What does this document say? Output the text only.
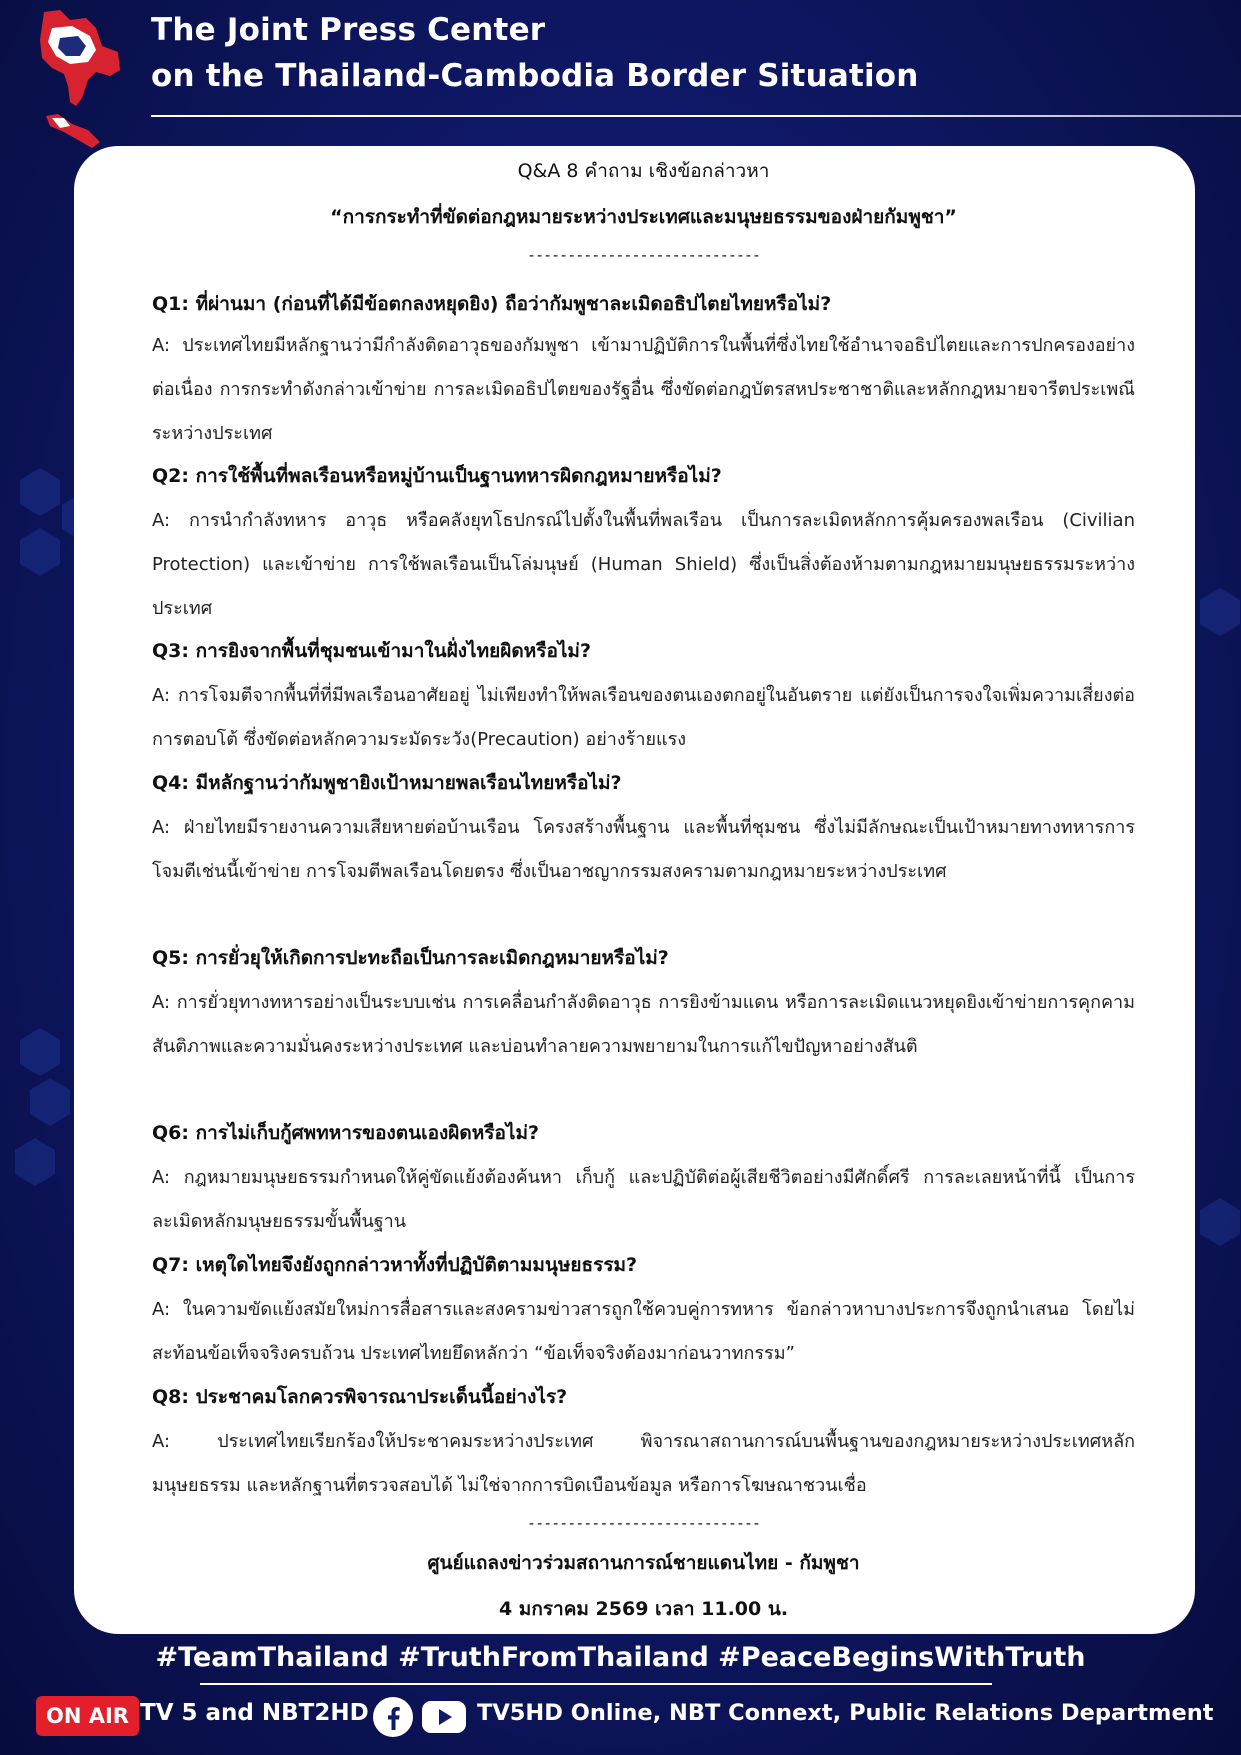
The Joint Press Center
on the Thailand-Cambodia Border Situation
Q&A 8 คำถาม เชิงข้อกล่าวหา
“การกระทำที่ขัดต่อกฎหมายระหว่างประเทศและมนุษยธรรมของฝ่ายกัมพูชา”
-----------------------------
Q1: ที่ผ่านมา (ก่อนที่ได้มีข้อตกลงหยุดยิง) ถือว่ากัมพูชาละเมิดอธิปไตยไทยหรือไม่?
A: ประเทศไทยมีหลักฐานว่ามีกำลังติดอาวุธของกัมพูชา เข้ามาปฏิบัติการในพื้นที่ซึ่งไทยใช้อำนาจอธิปไตยและการปกครองอย่างต่อเนื่อง การกระทำดังกล่าวเข้าข่าย การละเมิดอธิปไตยของรัฐอื่น ซึ่งขัดต่อกฎบัตรสหประชาชาติและหลักกฎหมายจารีตประเพณีระหว่างประเทศ
Q2: การใช้พื้นที่พลเรือนหรือหมู่บ้านเป็นฐานทหารผิดกฎหมายหรือไม่?
A: การนำกำลังทหาร อาวุธ หรือคลังยุทโธปกรณ์ไปตั้งในพื้นที่พลเรือน เป็นการละเมิดหลักการคุ้มครองพลเรือน (Civilian Protection) และเข้าข่าย การใช้พลเรือนเป็นโล่มนุษย์ (Human Shield) ซึ่งเป็นสิ่งต้องห้ามตามกฎหมายมนุษยธรรมระหว่างประเทศ
Q3: การยิงจากพื้นที่ชุมชนเข้ามาในฝั่งไทยผิดหรือไม่?
A: การโจมตีจากพื้นที่ที่มีพลเรือนอาศัยอยู่ ไม่เพียงทำให้พลเรือนของตนเองตกอยู่ในอันตราย แต่ยังเป็นการจงใจเพิ่มความเสี่ยงต่อการตอบโต้ ซึ่งขัดต่อหลักความระมัดระวัง(Precaution) อย่างร้ายแรง
Q4: มีหลักฐานว่ากัมพูชายิงเป้าหมายพลเรือนไทยหรือไม่?
A: ฝ่ายไทยมีรายงานความเสียหายต่อบ้านเรือน โครงสร้างพื้นฐาน และพื้นที่ชุมชน ซึ่งไม่มีลักษณะเป็นเป้าหมายทางทหารการโจมตีเช่นนี้เข้าข่าย การโจมตีพลเรือนโดยตรง ซึ่งเป็นอาชญากรรมสงครามตามกฎหมายระหว่างประเทศ
Q5: การยั่วยุให้เกิดการปะทะถือเป็นการละเมิดกฎหมายหรือไม่?
A: การยั่วยุทางทหารอย่างเป็นระบบเช่น การเคลื่อนกำลังติดอาวุธ การยิงข้ามแดน หรือการละเมิดแนวหยุดยิงเข้าข่ายการคุกคามสันติภาพและความมั่นคงระหว่างประเทศ และบ่อนทำลายความพยายามในการแก้ไขปัญหาอย่างสันติ
Q6: การไม่เก็บกู้ศพทหารของตนเองผิดหรือไม่?
A: กฎหมายมนุษยธรรมกำหนดให้คู่ขัดแย้งต้องค้นหา เก็บกู้ และปฏิบัติต่อผู้เสียชีวิตอย่างมีศักดิ์ศรี การละเลยหน้าที่นี้ เป็นการละเมิดหลักมนุษยธรรมขั้นพื้นฐาน
Q7: เหตุใดไทยจึงยังถูกกล่าวหาทั้งที่ปฏิบัติตามมนุษยธรรม?
A: ในความขัดแย้งสมัยใหม่การสื่อสารและสงครามข่าวสารถูกใช้ควบคู่การทหาร ข้อกล่าวหาบางประการจึงถูกนำเสนอ โดยไม่สะท้อนข้อเท็จจริงครบถ้วน ประเทศไทยยึดหลักว่า “ข้อเท็จจริงต้องมาก่อนวาทกรรม”
Q8: ประชาคมโลกควรพิจารณาประเด็นนี้อย่างไร?
A: ประเทศไทยเรียกร้องให้ประชาคมระหว่างประเทศ พิจารณาสถานการณ์บนพื้นฐานของกฎหมายระหว่างประเทศหลักมนุษยธรรม และหลักฐานที่ตรวจสอบได้ ไม่ใช่จากการบิดเบือนข้อมูล หรือการโฆษณาชวนเชื่อ
-----------------------------
ศูนย์แถลงข่าวร่วมสถานการณ์ชายแดนไทย - กัมพูชา
4 มกราคม 2569 เวลา 11.00 น.
#TeamThailand #TruthFromThailand #PeaceBeginsWithTruth
ON AIR TV 5 and NBT2HD	TV5HD Online, NBT Connext, Public Relations Department
